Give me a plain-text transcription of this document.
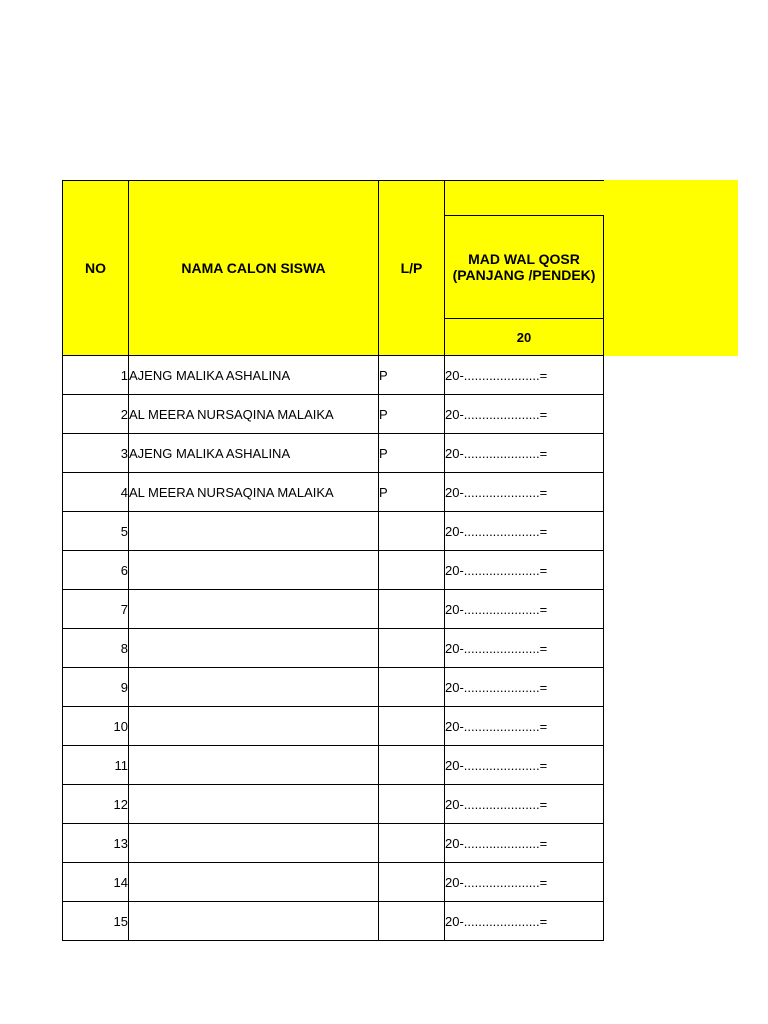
NO	NAMA CALON SISWA	L/P	

			MAD WAL QOSR
(PANJANG /PENDEK)

			20
1	AJENG MALIKA ASHALINA	P	20-.....................=
2	AL MEERA NURSAQINA MALAIKA	P	20-.....................=
3	AJENG MALIKA ASHALINA	P	20-.....................=
4	AL MEERA NURSAQINA MALAIKA	P	20-.....................=
5			20-.....................=
6			20-.....................=
7			20-.....................=
8			20-.....................=
9			20-.....................=
10			20-.....................=
11			20-.....................=
12			20-.....................=
13			20-.....................=
14			20-.....................=
15			20-.....................=
